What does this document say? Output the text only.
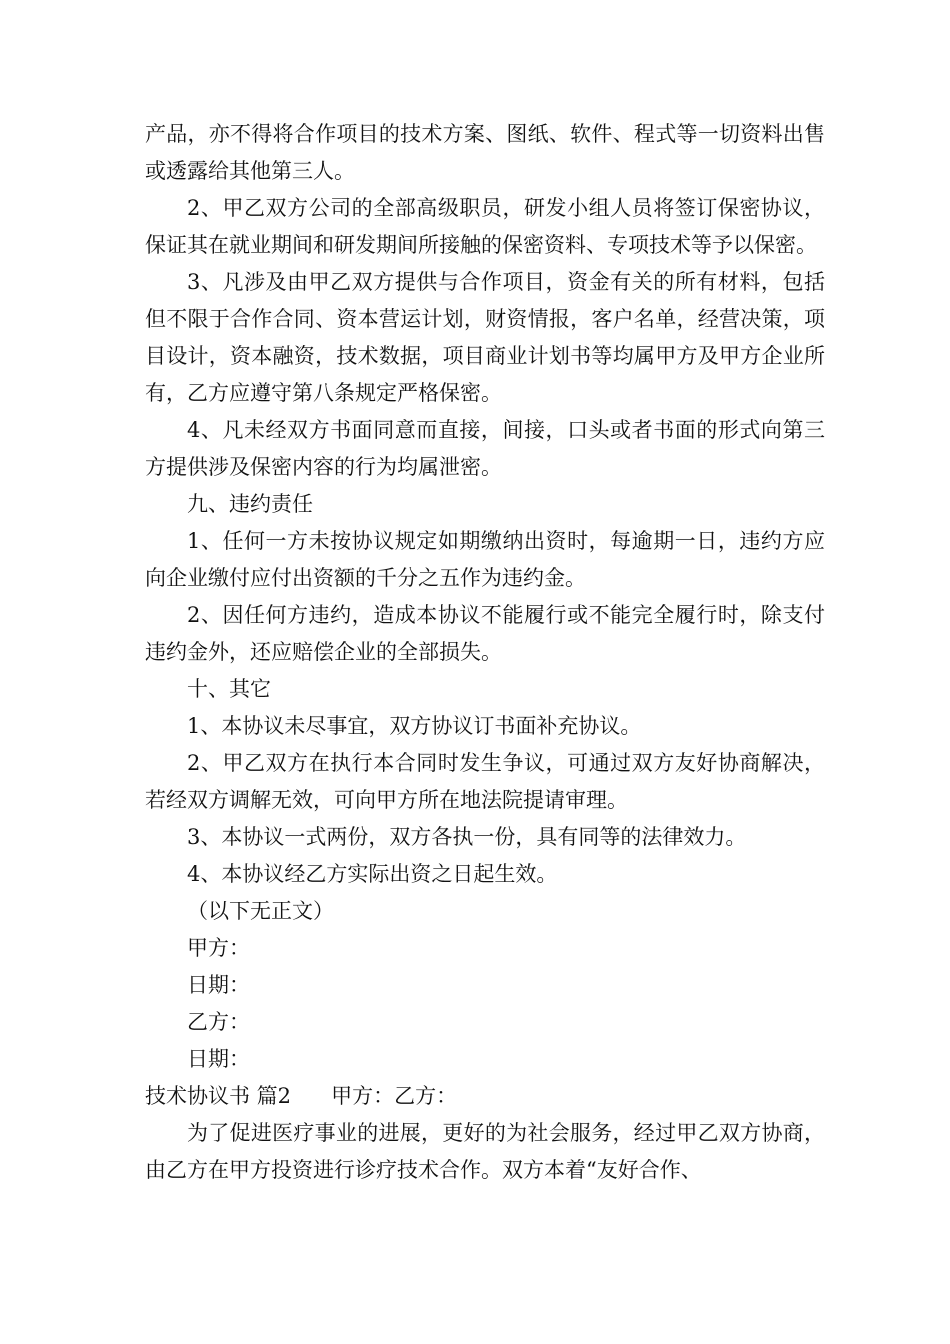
产品，亦不得将合作项目的技术方案、图纸、软件、程式等一切资料出售或透露给其他第三人。

2、甲乙双方公司的全部高级职员，研发小组人员将签订保密协议，保证其在就业期间和研发期间所接触的保密资料、专项技术等予以保密。

3、凡涉及由甲乙双方提供与合作项目，资金有关的所有材料，包括但不限于合作合同、资本营运计划，财资情报，客户名单，经营决策，项目设计，资本融资，技术数据，项目商业计划书等均属甲方及甲方企业所有，乙方应遵守第八条规定严格保密。

4、凡未经双方书面同意而直接，间接，口头或者书面的形式向第三方提供涉及保密内容的行为均属泄密。

九、违约责任

1、任何一方未按协议规定如期缴纳出资时，每逾期一日，违约方应向企业缴付应付出资额的千分之五作为违约金。

2、因任何方违约，造成本协议不能履行或不能完全履行时，除支付违约金外，还应赔偿企业的全部损失。

十、其它

1、本协议未尽事宜，双方协议订书面补充协议。

2、甲乙双方在执行本合同时发生争议，可通过双方友好协商解决，若经双方调解无效，可向甲方所在地法院提请审理。

3、本协议一式两份，双方各执一份，具有同等的法律效力。

4、本协议经乙方实际出资之日起生效。

（以下无正文）

甲方：

日期：

乙方：

日期：

技术协议书 篇2      甲方：乙方：

为了促进医疗事业的进展，更好的为社会服务，经过甲乙双方协商，由乙方在甲方投资进行诊疗技术合作。双方本着“友好合作、
